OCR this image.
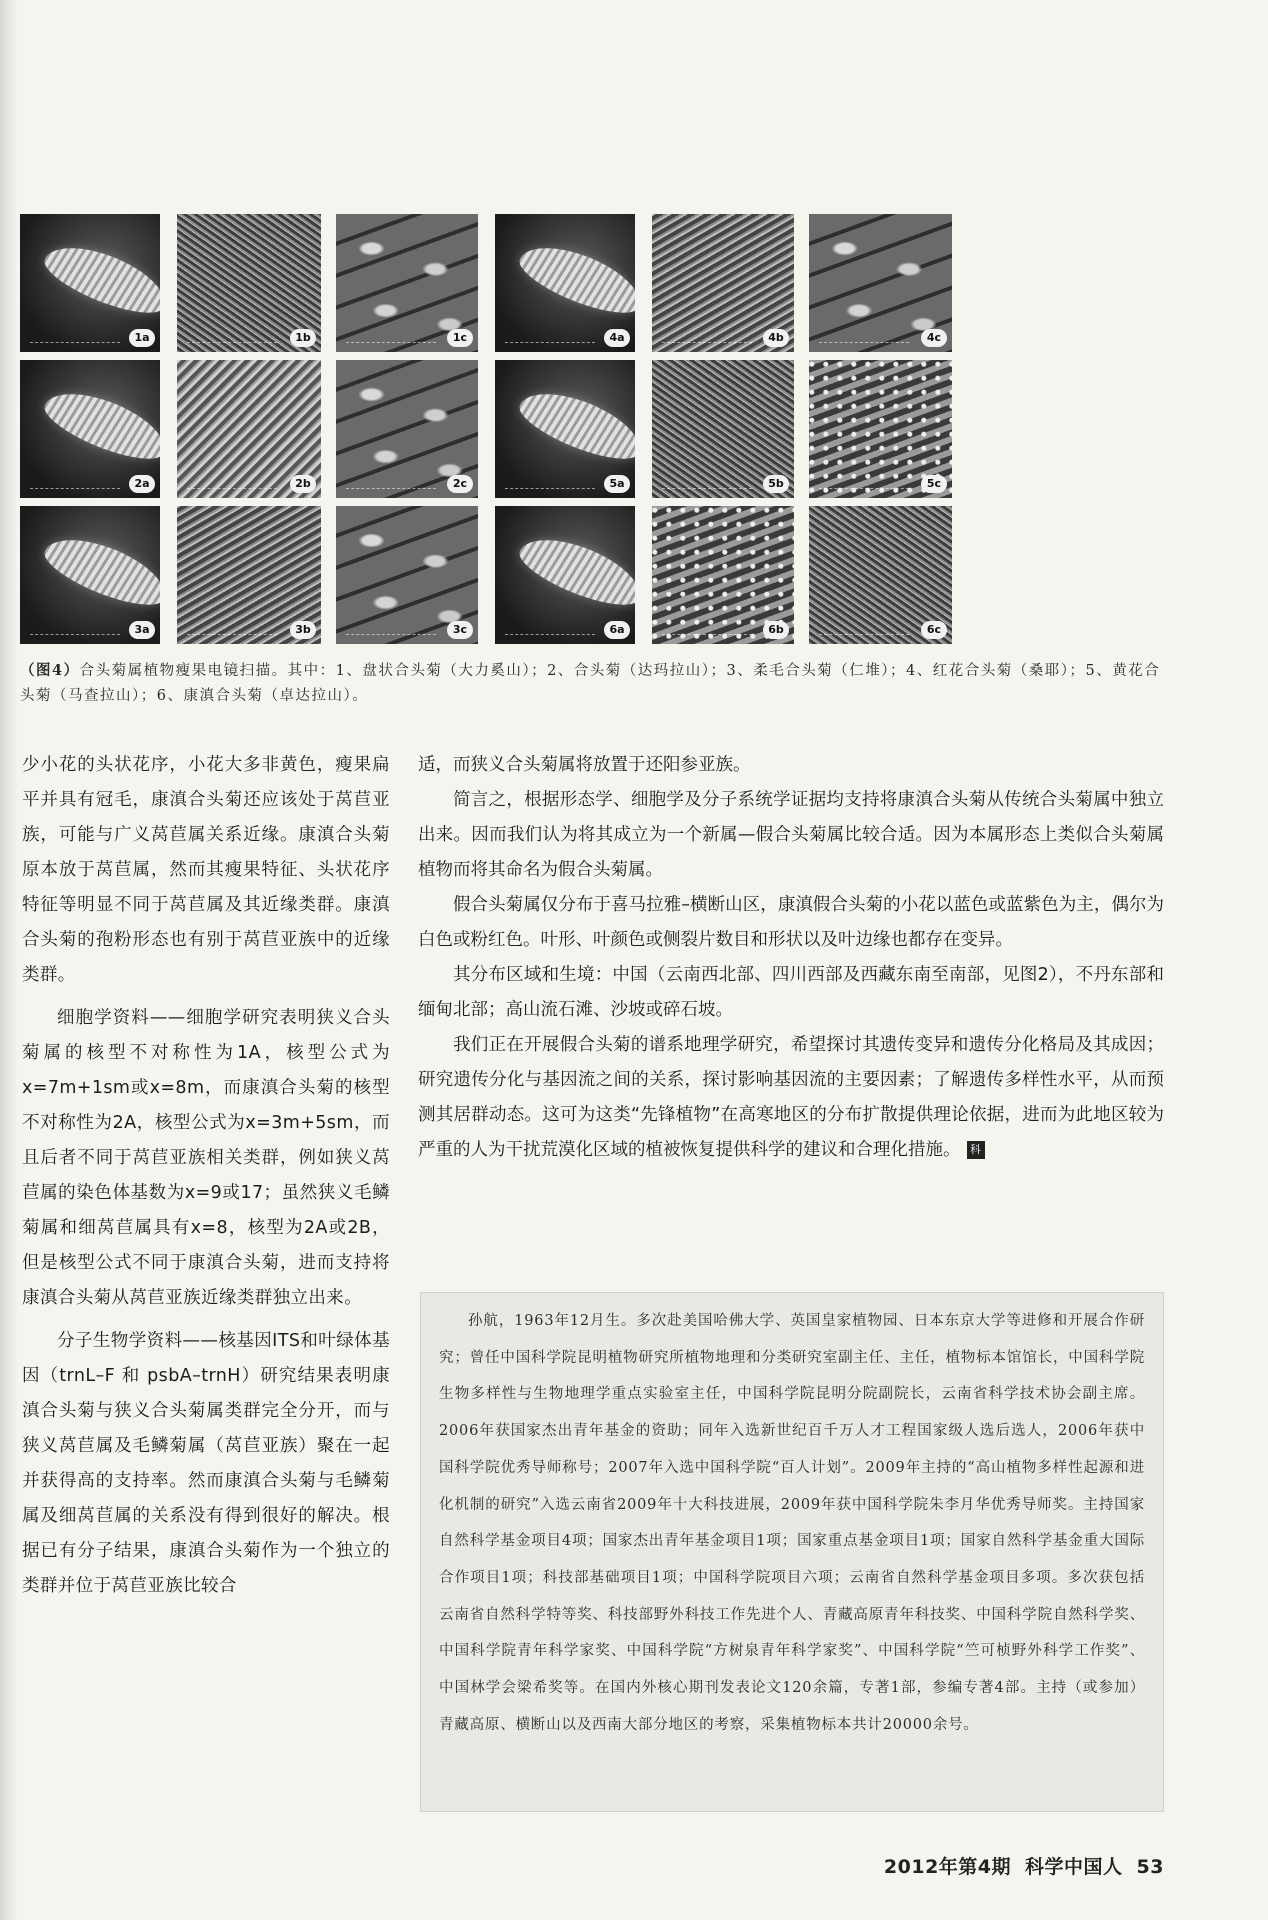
1a	1b	1c	4a	4b	4c
2a	2b	2c	5a	5b	5c
3a	3b	3c	6a	6b	6c

（图4）合头菊属植物瘦果电镜扫描。其中：1、盘状合头菊（大力奚山）；2、合头菊（达玛拉山）；3、柔毛合头菊（仁堆）；4、红花合头菊（桑耶）；5、黄花合头菊（马查拉山）；6、康滇合头菊（卓达拉山）。

少小花的头状花序，小花大多非黄色，瘦果扁平并具有冠毛，康滇合头菊还应该处于莴苣亚族，可能与广义莴苣属关系近缘。康滇合头菊原本放于莴苣属，然而其瘦果特征、头状花序特征等明显不同于莴苣属及其近缘类群。康滇合头菊的孢粉形态也有别于莴苣亚族中的近缘类群。

细胞学资料——细胞学研究表明狭义合头菊属的核型不对称性为1A，核型公式为x=7m+1sm或x=8m，而康滇合头菊的核型不对称性为2A，核型公式为x=3m+5sm，而且后者不同于莴苣亚族相关类群，例如狭义莴苣属的染色体基数为x=9或17；虽然狭义毛鳞菊属和细莴苣属具有x=8，核型为2A或2B，但是核型公式不同于康滇合头菊，进而支持将康滇合头菊从莴苣亚族近缘类群独立出来。

分子生物学资料——核基因ITS和叶绿体基因（trnL–F 和 psbA–trnH）研究结果表明康滇合头菊与狭义合头菊属类群完全分开，而与狭义莴苣属及毛鳞菊属（莴苣亚族）聚在一起并获得高的支持率。然而康滇合头菊与毛鳞菊属及细莴苣属的关系没有得到很好的解决。根据已有分子结果，康滇合头菊作为一个独立的类群并位于莴苣亚族比较合

适，而狭义合头菊属将放置于还阳参亚族。

简言之，根据形态学、细胞学及分子系统学证据均支持将康滇合头菊从传统合头菊属中独立出来。因而我们认为将其成立为一个新属—假合头菊属比较合适。因为本属形态上类似合头菊属植物而将其命名为假合头菊属。

假合头菊属仅分布于喜马拉雅–横断山区，康滇假合头菊的小花以蓝色或蓝紫色为主，偶尔为白色或粉红色。叶形、叶颜色或侧裂片数目和形状以及叶边缘也都存在变异。

其分布区域和生境：中国（云南西北部、四川西部及西藏东南至南部，见图2），不丹东部和缅甸北部；高山流石滩、沙坡或碎石坡。

我们正在开展假合头菊的谱系地理学研究，希望探讨其遗传变异和遗传分化格局及其成因；研究遗传分化与基因流之间的关系，探讨影响基因流的主要因素；了解遗传多样性水平，从而预测其居群动态。这可为这类“先锋植物”在高寒地区的分布扩散提供理论依据，进而为此地区较为严重的人为干扰荒漠化区域的植被恢复提供科学的建议和合理化措施。 科

孙航，1963年12月生。多次赴美国哈佛大学、英国皇家植物园、日本东京大学等进修和开展合作研究；曾任中国科学院昆明植物研究所植物地理和分类研究室副主任、主任，植物标本馆馆长，中国科学院生物多样性与生物地理学重点实验室主任，中国科学院昆明分院副院长，云南省科学技术协会副主席。2006年获国家杰出青年基金的资助；同年入选新世纪百千万人才工程国家级人选后选人，2006年获中国科学院优秀导师称号；2007年入选中国科学院“百人计划”。2009年主持的“高山植物多样性起源和进化机制的研究”入选云南省2009年十大科技进展，2009年获中国科学院朱李月华优秀导师奖。主持国家自然科学基金项目4项；国家杰出青年基金项目1项；国家重点基金项目1项；国家自然科学基金重大国际合作项目1项；科技部基础项目1项；中国科学院项目六项；云南省自然科学基金项目多项。多次获包括云南省自然科学特等奖、科技部野外科技工作先进个人、青藏高原青年科技奖、中国科学院自然科学奖、中国科学院青年科学家奖、中国科学院“方树泉青年科学家奖”、中国科学院“竺可桢野外科学工作奖”、中国林学会梁希奖等。在国内外核心期刊发表论文120余篇，专著1部，参编专著4部。主持（或参加）青藏高原、横断山以及西南大部分地区的考察，采集植物标本共计20000余号。

2012年第4期 科学中国人 53
